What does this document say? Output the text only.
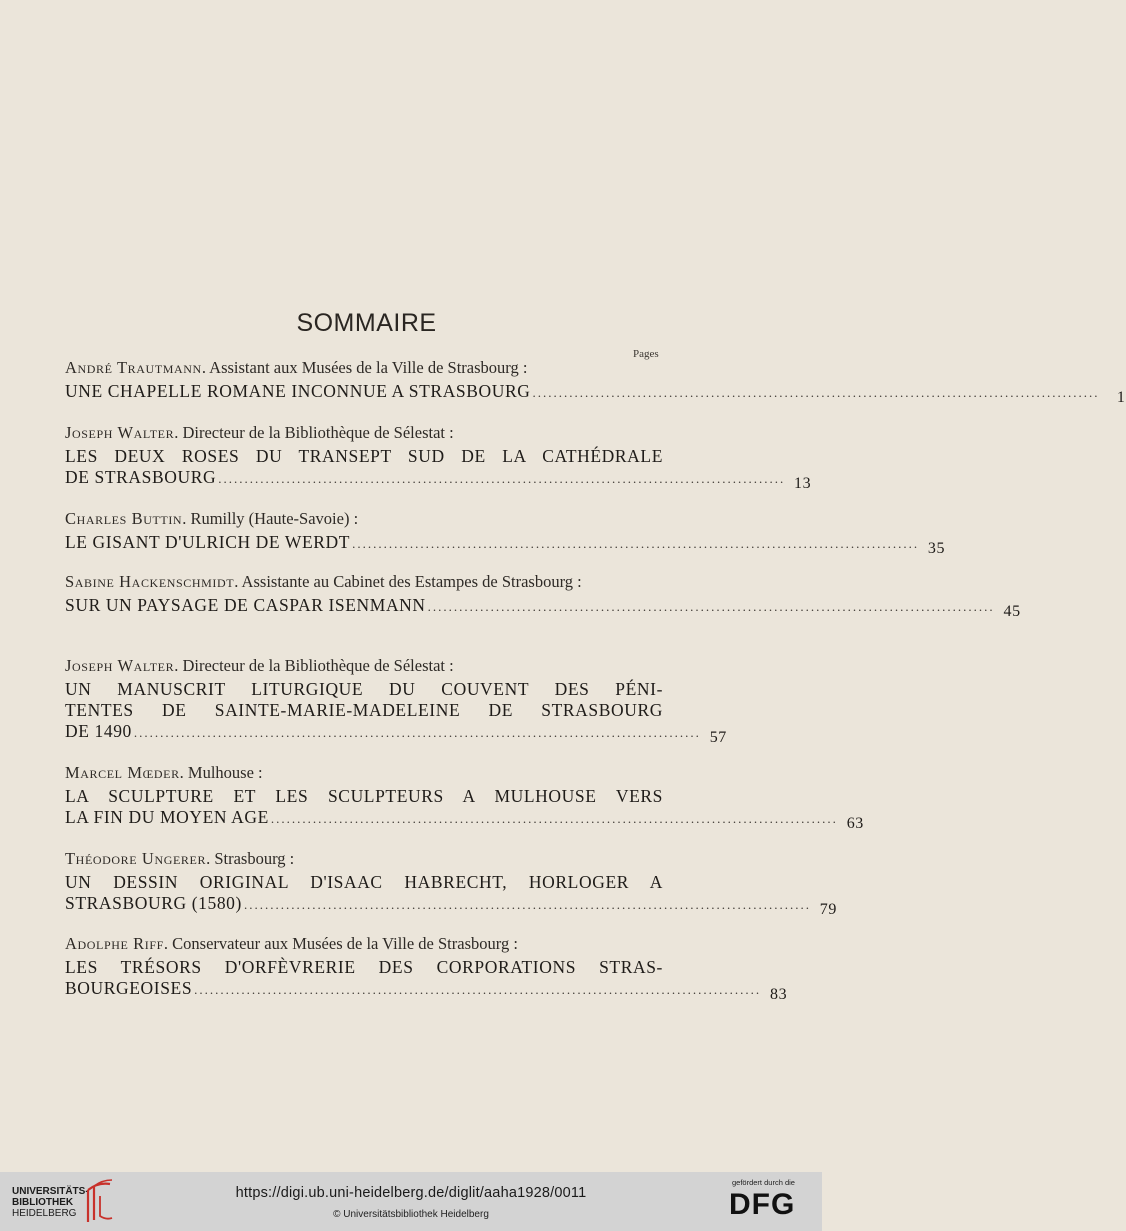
SOMMAIRE
Pages
André Trautmann. Assistant aux Musées de la Ville de Strasbourg :
UNE CHAPELLE ROMANE INCONNUE A STRASBOURG ............................................................................................................	1
Joseph Walter. Directeur de la Bibliothèque de Sélestat :
LES DEUX ROSES DU TRANSEPT SUD DE LA CATHÉDRALE
DE STRASBOURG ............................................................................................................ 13
Charles Buttin. Rumilly (Haute-Savoie) :
LE GISANT D'ULRICH DE WERDT ............................................................................................................ 35
Sabine Hackenschmidt. Assistante au Cabinet des Estampes de Strasbourg :
SUR UN PAYSAGE DE CASPAR ISENMANN ............................................................................................................ 45
Joseph Walter. Directeur de la Bibliothèque de Sélestat :
UN MANUSCRIT LITURGIQUE DU COUVENT DES PÉNI-
TENTES DE SAINTE-MARIE-MADELEINE DE STRASBOURG
DE 1490 ............................................................................................................ 57
Marcel Mœder. Mulhouse :
LA SCULPTURE ET LES SCULPTEURS A MULHOUSE VERS
LA FIN DU MOYEN AGE ............................................................................................................ 63
Théodore Ungerer. Strasbourg :
UN DESSIN ORIGINAL D'ISAAC HABRECHT, HORLOGER A
STRASBOURG (1580) ............................................................................................................ 79
Adolphe Riff. Conservateur aux Musées de la Ville de Strasbourg :
LES TRÉSORS D'ORFÈVRERIE DES CORPORATIONS STRAS-
BOURGEOISES ............................................................................................................ 83
UNIVERSITÄTS-
BIBLIOTHEK
HEIDELBERG
https://digi.ub.uni-heidelberg.de/diglit/aaha1928/0011
© Universitätsbibliothek Heidelberg
gefördert durch die
DFG
